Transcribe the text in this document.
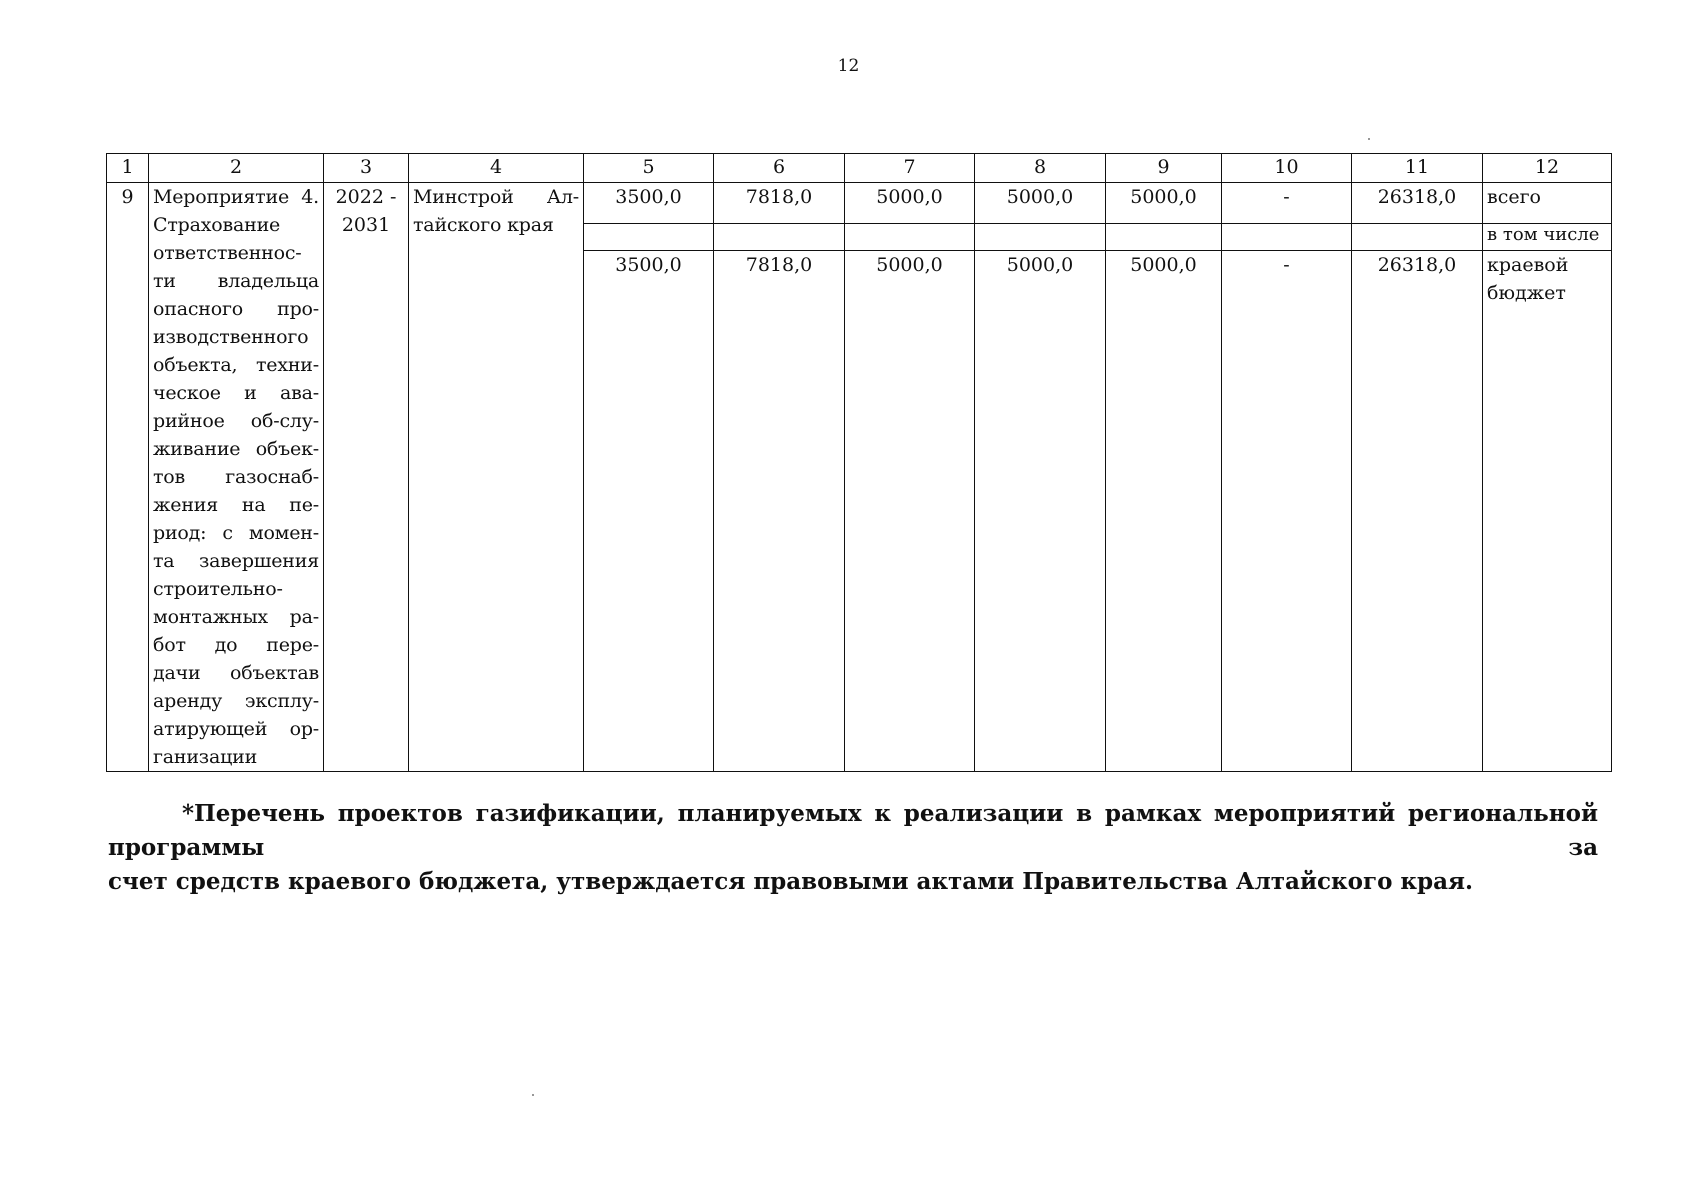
12
1	2	3	4	5	6	7	8	9	10	11	12
9	Мероприятие 4. Страхование ответственнос-ти владельца опасного про-изводственного объекта, техни-ческое и ава-рийное об-слу-живание объек-тов газоснаб-жения на пе-риод: с момен-та завершения строительно-монтажных ра-бот до пере-дачи объектав аренду эксплу-атирующей ор-ганизации	2022 - 2031	Минстрой Ал-тайского края	3500,0	7818,0	5000,0	5000,0	5000,0	-	26318,0	всего
											в том числе
				3500,0	7818,0	5000,0	5000,0	5000,0	-	26318,0	краевой бюджет
*Перечень проектов газификации, планируемых к реализации в рамках мероприятий региональной программы за
счет средств краевого бюджета, утверждается правовыми актами Правительства Алтайского края.
